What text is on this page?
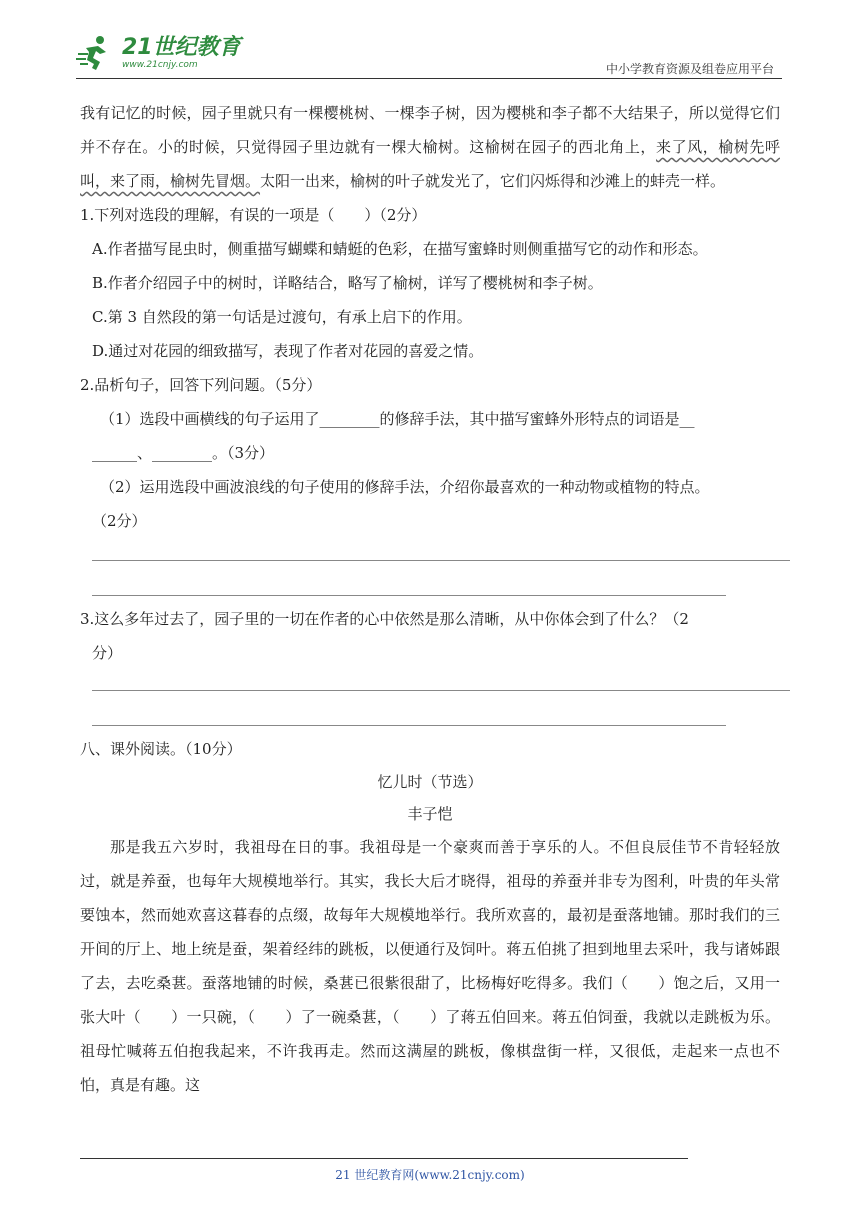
21世纪教育
www.21cnjy.com	中小学教育资源及组卷应用平台

我有记忆的时候，园子里就只有一棵樱桃树、一棵李子树，因为樱桃和李子都不大结果子，所以觉得它们并不存在。小的时候，只觉得园子里边就有一棵大榆树。这榆树在园子的西北角上，来了风，榆树先呼叫，来了雨，榆树先冒烟。太阳一出来，榆树的叶子就发光了，它们闪烁得和沙滩上的蚌壳一样。

1.下列对选段的理解，有误的一项是（　　）（2分）

A.作者描写昆虫时，侧重描写蝴蝶和蜻蜓的色彩，在描写蜜蜂时则侧重描写它的动作和形态。

B.作者介绍园子中的树时，详略结合，略写了榆树，详写了樱桃树和李子树。

C.第 3 自然段的第一句话是过渡句，有承上启下的作用。

D.通过对花园的细致描写，表现了作者对花园的喜爱之情。

2.品析句子，回答下列问题。（5分）

（1）选段中画横线的句子运用了________的修辞手法，其中描写蜜蜂外形特点的词语是__

______、________。（3分）

（2）运用选段中画波浪线的句子使用的修辞手法，介绍你最喜欢的一种动物或植物的特点。

（2分）

3.这么多年过去了，园子里的一切在作者的心中依然是那么清晰，从中你体会到了什么？（2

分）

八、课外阅读。（10分）

忆儿时（节选）

丰子恺

那是我五六岁时，我祖母在日的事。我祖母是一个豪爽而善于享乐的人。不但良辰佳节不肯轻轻放过，就是养蚕，也每年大规模地举行。其实，我长大后才晓得，祖母的养蚕并非专为图利，叶贵的年头常要蚀本，然而她欢喜这暮春的点缀，故每年大规模地举行。我所欢喜的，最初是蚕落地铺。那时我们的三开间的厅上、地上统是蚕，架着经纬的跳板，以便通行及饲叶。蒋五伯挑了担到地里去采叶，我与诸姊跟了去，去吃桑葚。蚕落地铺的时候，桑葚已很紫很甜了，比杨梅好吃得多。我们（　　）饱之后，又用一张大叶（　　）一只碗，（　　）了一碗桑葚，（　　）了蒋五伯回来。蒋五伯饲蚕，我就以走跳板为乐。祖母忙喊蒋五伯抱我起来，不许我再走。然而这满屋的跳板，像棋盘街一样，又很低，走起来一点也不怕，真是有趣。这

21 世纪教育网(www.21cnjy.com)
